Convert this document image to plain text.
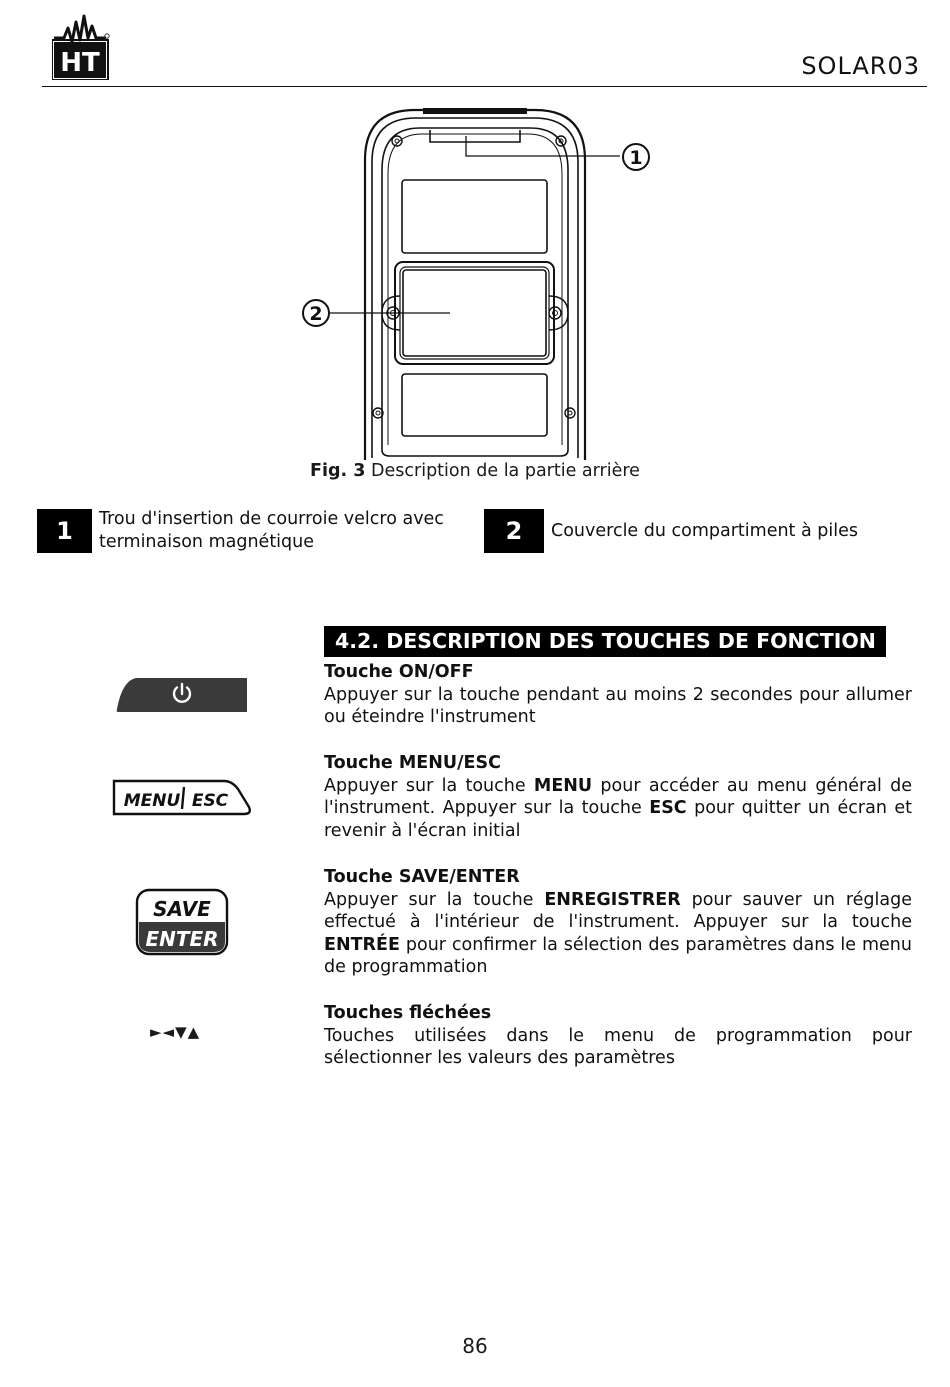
HT	SOLAR03
1
2
Fig. 3 Description de la partie arrière
1	Trou d'insertion de courroie velcro avec terminaison magnétique	2	Couvercle du compartiment à piles
4.2. DESCRIPTION DES TOUCHES DE FONCTION
MENU ESC
SAVE
ENTER
►◄▼▲
Touche ON/OFF
Appuyer sur la touche pendant au moins 2 secondes pour allumer ou éteindre l'instrument
Touche MENU/ESC
Appuyer sur la touche MENU pour accéder au menu général de l'instrument. Appuyer sur la touche ESC pour quitter un écran et revenir à l'écran initial
Touche SAVE/ENTER
Appuyer sur la touche ENREGISTRER pour sauver un réglage effectué à l'intérieur de l'instrument. Appuyer sur la touche ENTRÉE pour confirmer la sélection des paramètres dans le menu de programmation
Touches fléchées
Touches utilisées dans le menu de programmation pour sélectionner les valeurs des paramètres
86
